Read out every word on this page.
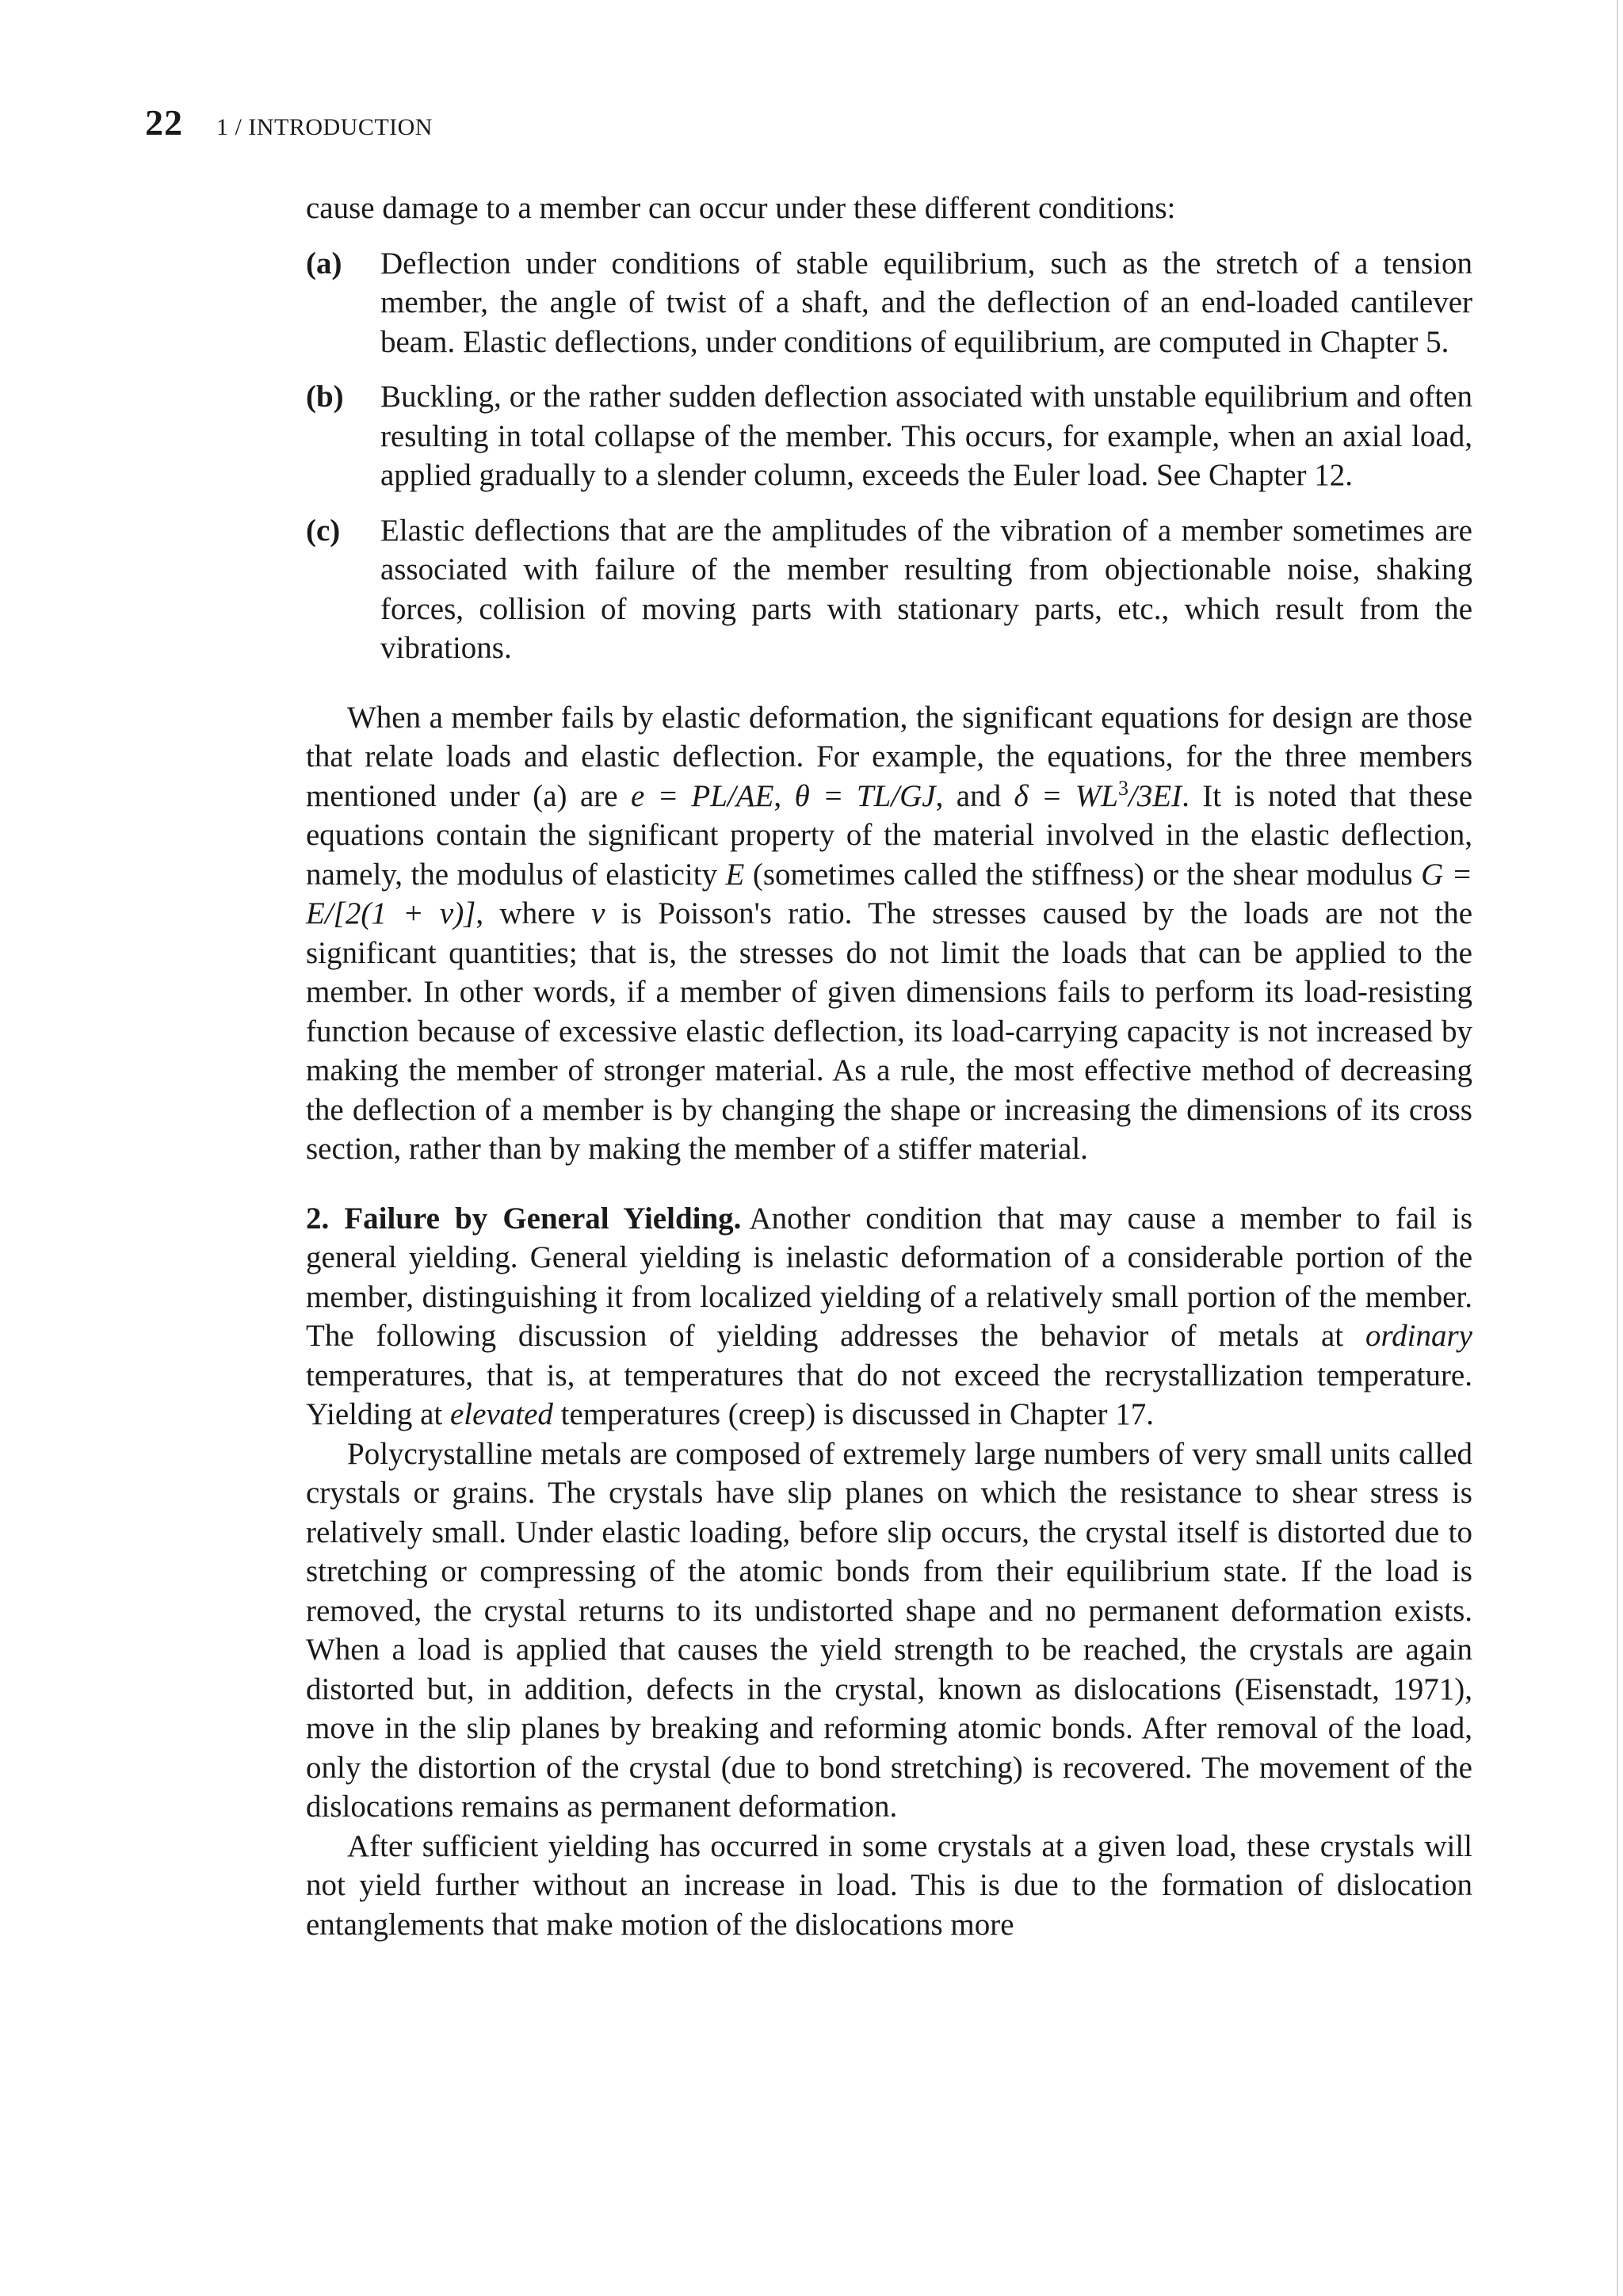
22 1 / INTRODUCTION

cause damage to a member can occur under these different conditions:

(a)	Deflection under conditions of stable equilibrium, such as the stretch of a tension member, the angle of twist of a shaft, and the deflection of an end-loaded cantilever beam. Elastic deflections, under conditions of equilibrium, are computed in Chapter 5.

(b)	Buckling, or the rather sudden deflection associated with unstable equilibrium and often resulting in total collapse of the member. This occurs, for example, when an axial load, applied gradually to a slender column, exceeds the Euler load. See Chapter 12.

(c)	Elastic deflections that are the amplitudes of the vibration of a member sometimes are associated with failure of the member resulting from objectionable noise, shaking forces, collision of moving parts with stationary parts, etc., which result from the vibrations.

When a member fails by elastic deformation, the significant equations for design are those that relate loads and elastic deflection. For example, the equations, for the three members mentioned under (a) are e = PL/AE, θ = TL/GJ, and $\delta = WL^3/3EI$. It is noted that these equations contain the significant property of the material involved in the elastic deflection, namely, the modulus of elasticity E (sometimes called the stiffness) or the shear modulus G = E/[2(1 + ν)], where ν is Poisson's ratio. The stresses caused by the loads are not the significant quantities; that is, the stresses do not limit the loads that can be applied to the member. In other words, if a member of given dimensions fails to perform its load-resisting function because of excessive elastic deflection, its load-carrying capacity is not increased by making the member of stronger material. As a rule, the most effective method of decreasing the deflection of a member is by changing the shape or increasing the dimensions of its cross section, rather than by making the member of a stiffer material.

2. Failure by General Yielding. Another condition that may cause a member to fail is general yielding. General yielding is inelastic deformation of a considerable portion of the member, distinguishing it from localized yielding of a relatively small portion of the member. The following discussion of yielding addresses the behavior of metals at ordinary temperatures, that is, at temperatures that do not exceed the recrystallization temperature. Yielding at elevated temperatures (creep) is discussed in Chapter 17.

Polycrystalline metals are composed of extremely large numbers of very small units called crystals or grains. The crystals have slip planes on which the resistance to shear stress is relatively small. Under elastic loading, before slip occurs, the crystal itself is distorted due to stretching or compressing of the atomic bonds from their equilibrium state. If the load is removed, the crystal returns to its undistorted shape and no permanent deformation exists. When a load is applied that causes the yield strength to be reached, the crystals are again distorted but, in addition, defects in the crystal, known as dislocations (Eisenstadt, 1971), move in the slip planes by breaking and reforming atomic bonds. After removal of the load, only the distortion of the crystal (due to bond stretching) is recovered. The movement of the dislocations remains as permanent deformation.

After sufficient yielding has occurred in some crystals at a given load, these crystals will not yield further without an increase in load. This is due to the formation of dislocation entanglements that make motion of the dislocations more
